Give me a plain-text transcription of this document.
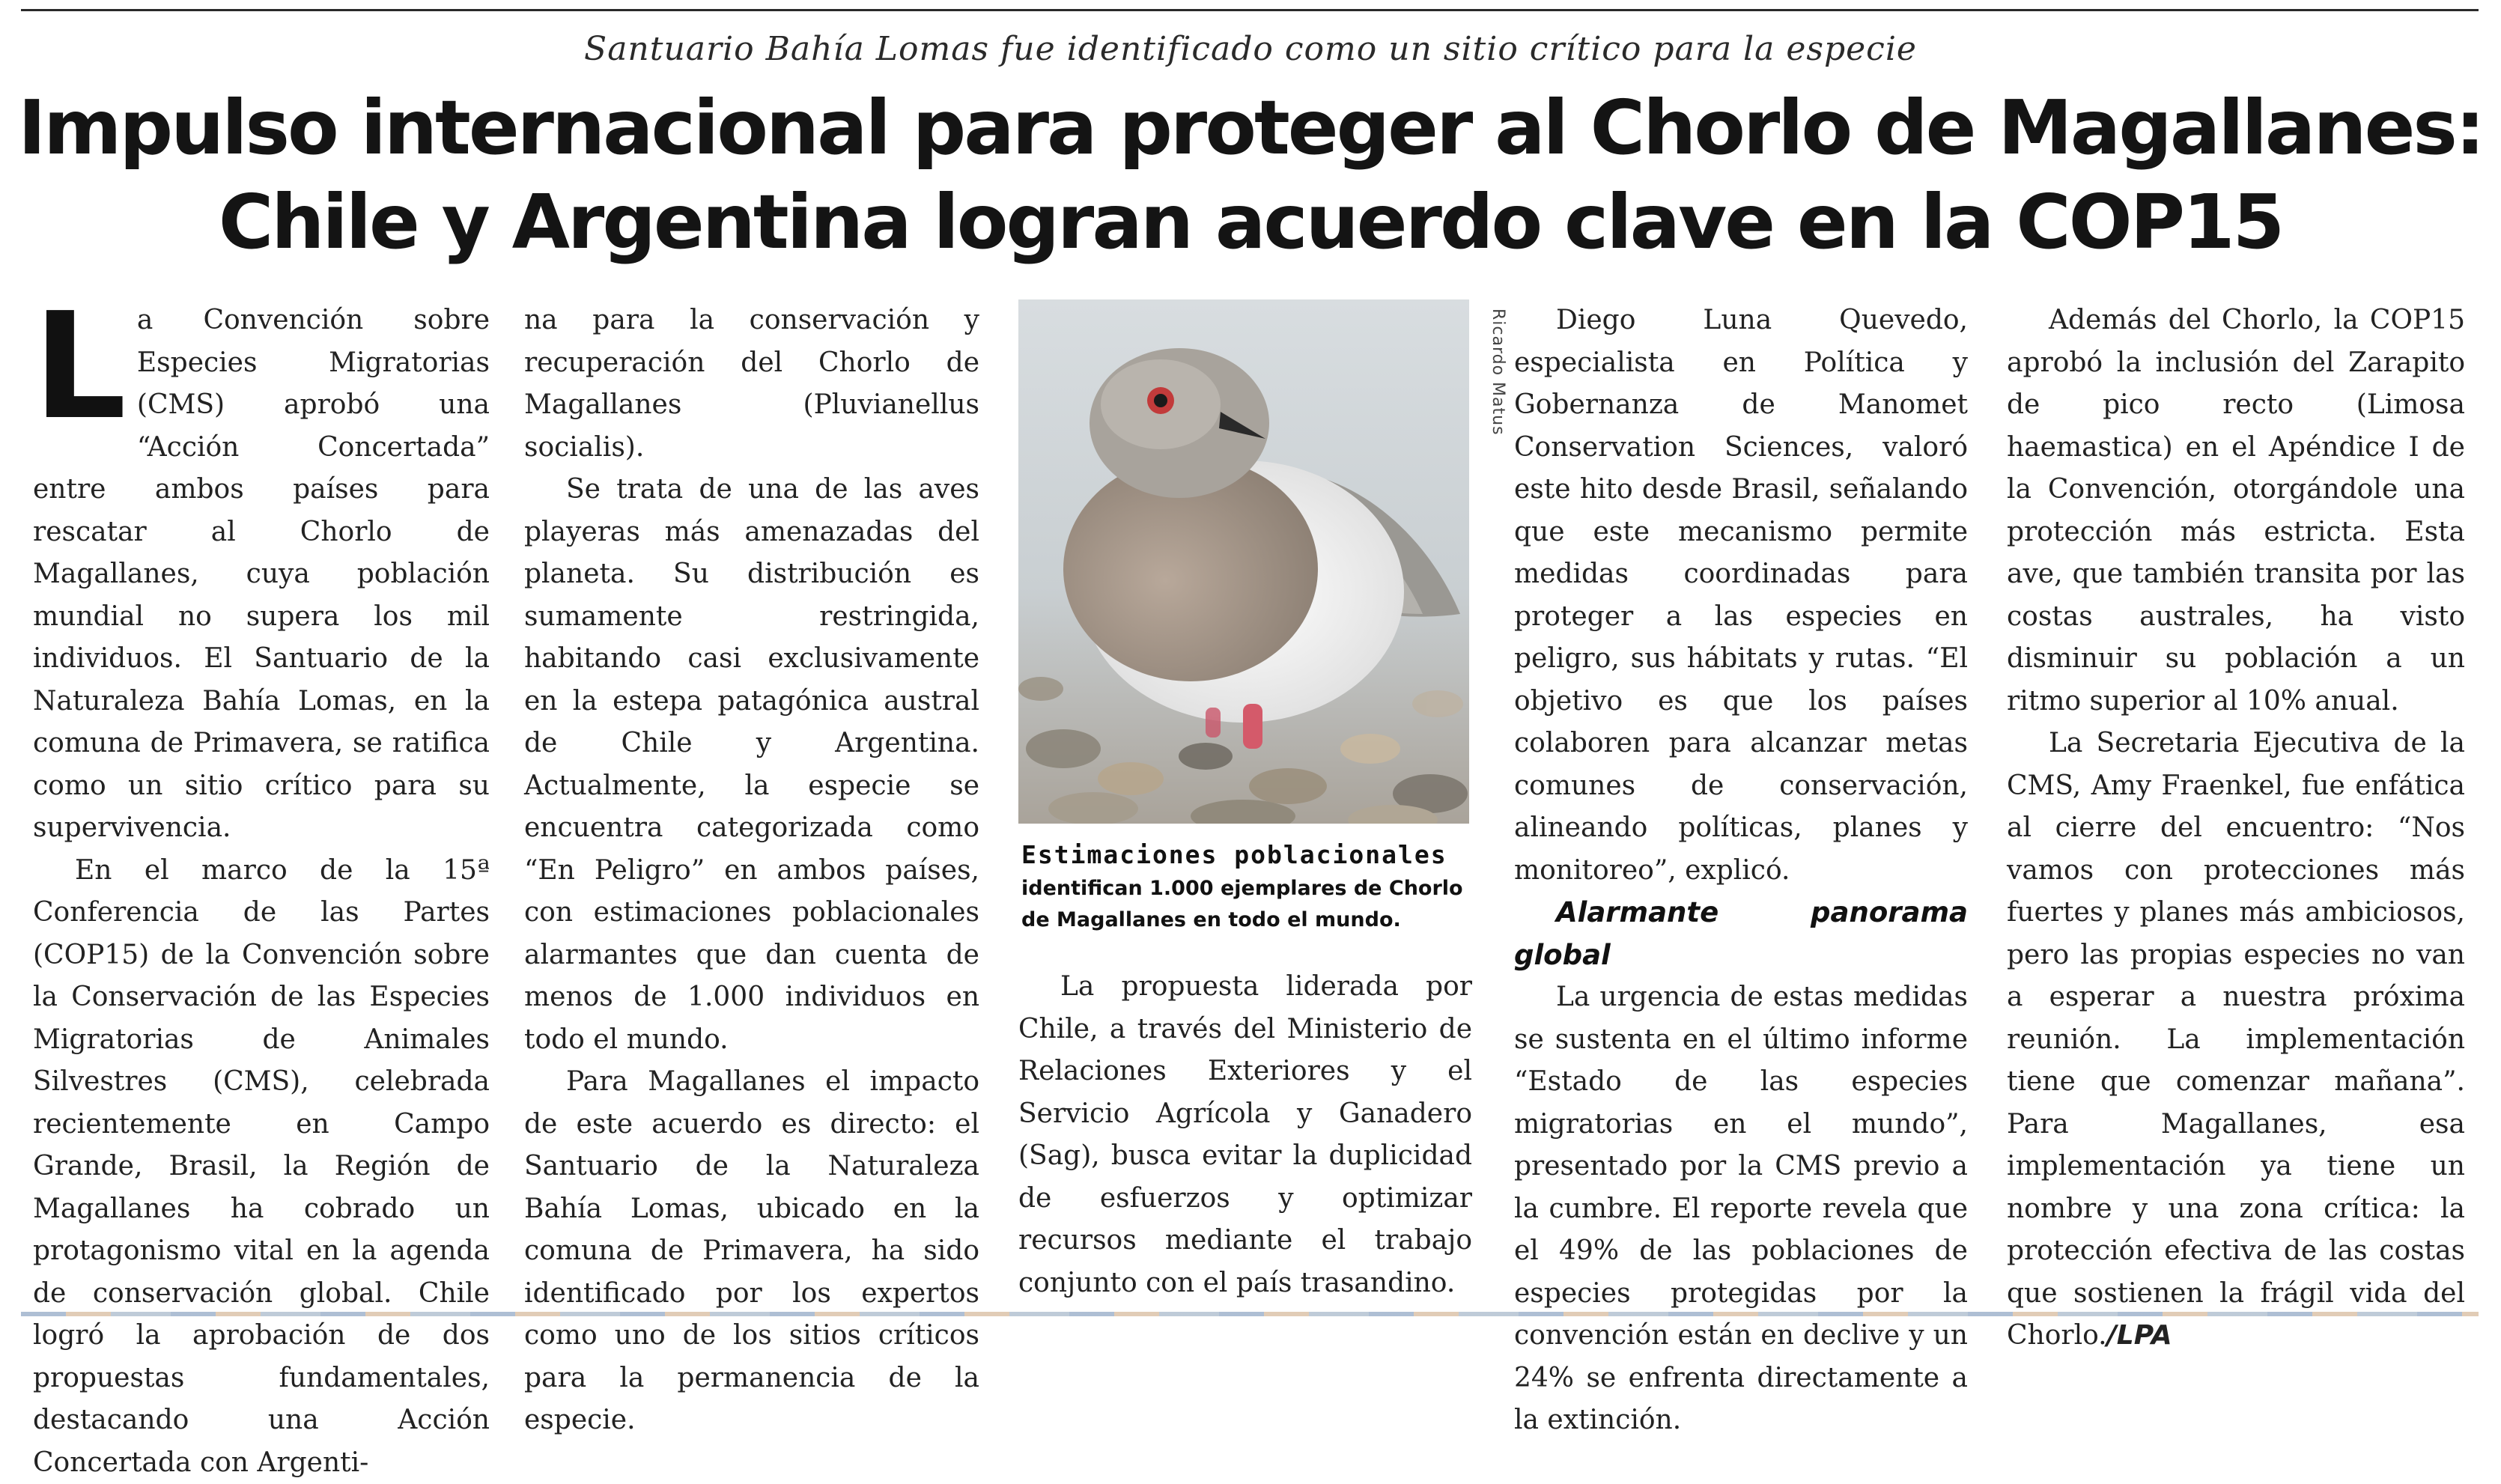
Santuario Bahía Lomas fue identificado como un sitio crítico para la especie
Impulso internacional para proteger al Chorlo de Magallanes:
Chile y Argentina logran acuerdo clave en la COP15

La Convención sobre Especies Migratorias (CMS) aprobó una “Acción Concertada” entre ambos países para rescatar al Chorlo de Magallanes, cuya población mundial no supera los mil individuos. El Santuario de la Naturaleza Bahía Lomas, en la comuna de Primavera, se ratifica como un sitio crítico para su supervivencia.

En el marco de la 15ª Conferencia de las Partes (COP15) de la Convención sobre la Conservación de las Especies Migratorias de Animales Silvestres (CMS), celebrada recientemente en Campo Grande, Brasil, la Región de Magallanes ha cobrado un protagonismo vital en la agenda de conservación global. Chile logró la aprobación de dos propuestas fundamentales, destacando una Acción Concertada con Argenti-

na para la conservación y recuperación del Chorlo de Magallanes (Pluvianellus socialis).

Se trata de una de las aves playeras más amenazadas del planeta. Su distribución es sumamente restringida, habitando casi exclusivamente en la estepa patagónica austral de Chile y Argentina. Actualmente, la especie se encuentra categorizada como “En Peligro” en ambos países, con estimaciones poblacionales alarmantes que dan cuenta de menos de 1.000 individuos en todo el mundo.

Para Magallanes el impacto de este acuerdo es directo: el Santuario de la Naturaleza Bahía Lomas, ubicado en la comuna de Primavera, ha sido identificado por los expertos como uno de los sitios críticos para la permanencia de la especie.

Ricardo Matus
Estimaciones poblacionales
identifican 1.000 ejemplares de Chorlo de Magallanes en todo el mundo.

La propuesta liderada por Chile, a través del Ministerio de Relaciones Exteriores y el Servicio Agrícola y Ganadero (Sag), busca evitar la duplicidad de esfuerzos y optimizar recursos mediante el trabajo conjunto con el país trasandino.

Diego Luna Quevedo, especialista en Política y Gobernanza de Manomet Conservation Sciences, valoró este hito desde Brasil, señalando que este mecanismo permite medidas coordinadas para proteger a las especies en peligro, sus hábitats y rutas. “El objetivo es que los países colaboren para alcanzar metas comunes de conservación, alineando políticas, planes y monitoreo”, explicó.

Alarmante panorama global

La urgencia de estas medidas se sustenta en el último informe “Estado de las especies migratorias en el mundo”, presentado por la CMS previo a la cumbre. El reporte revela que el 49% de las poblaciones de especies protegidas por la convención están en declive y un 24% se enfrenta directamente a la extinción.

Además del Chorlo, la COP15 aprobó la inclusión del Zarapito de pico recto (Limosa haemastica) en el Apéndice I de la Convención, otorgándole una protección más estricta. Esta ave, que también transita por las costas australes, ha visto disminuir su población a un ritmo superior al 10% anual.

La Secretaria Ejecutiva de la CMS, Amy Fraenkel, fue enfática al cierre del encuentro: “Nos vamos con protecciones más fuertes y planes más ambiciosos, pero las propias especies no van a esperar a nuestra próxima reunión. La implementación tiene que comenzar mañana”. Para Magallanes, esa implementación ya tiene un nombre y una zona crítica: la protección efectiva de las costas que sostienen la frágil vida del Chorlo./LPA
